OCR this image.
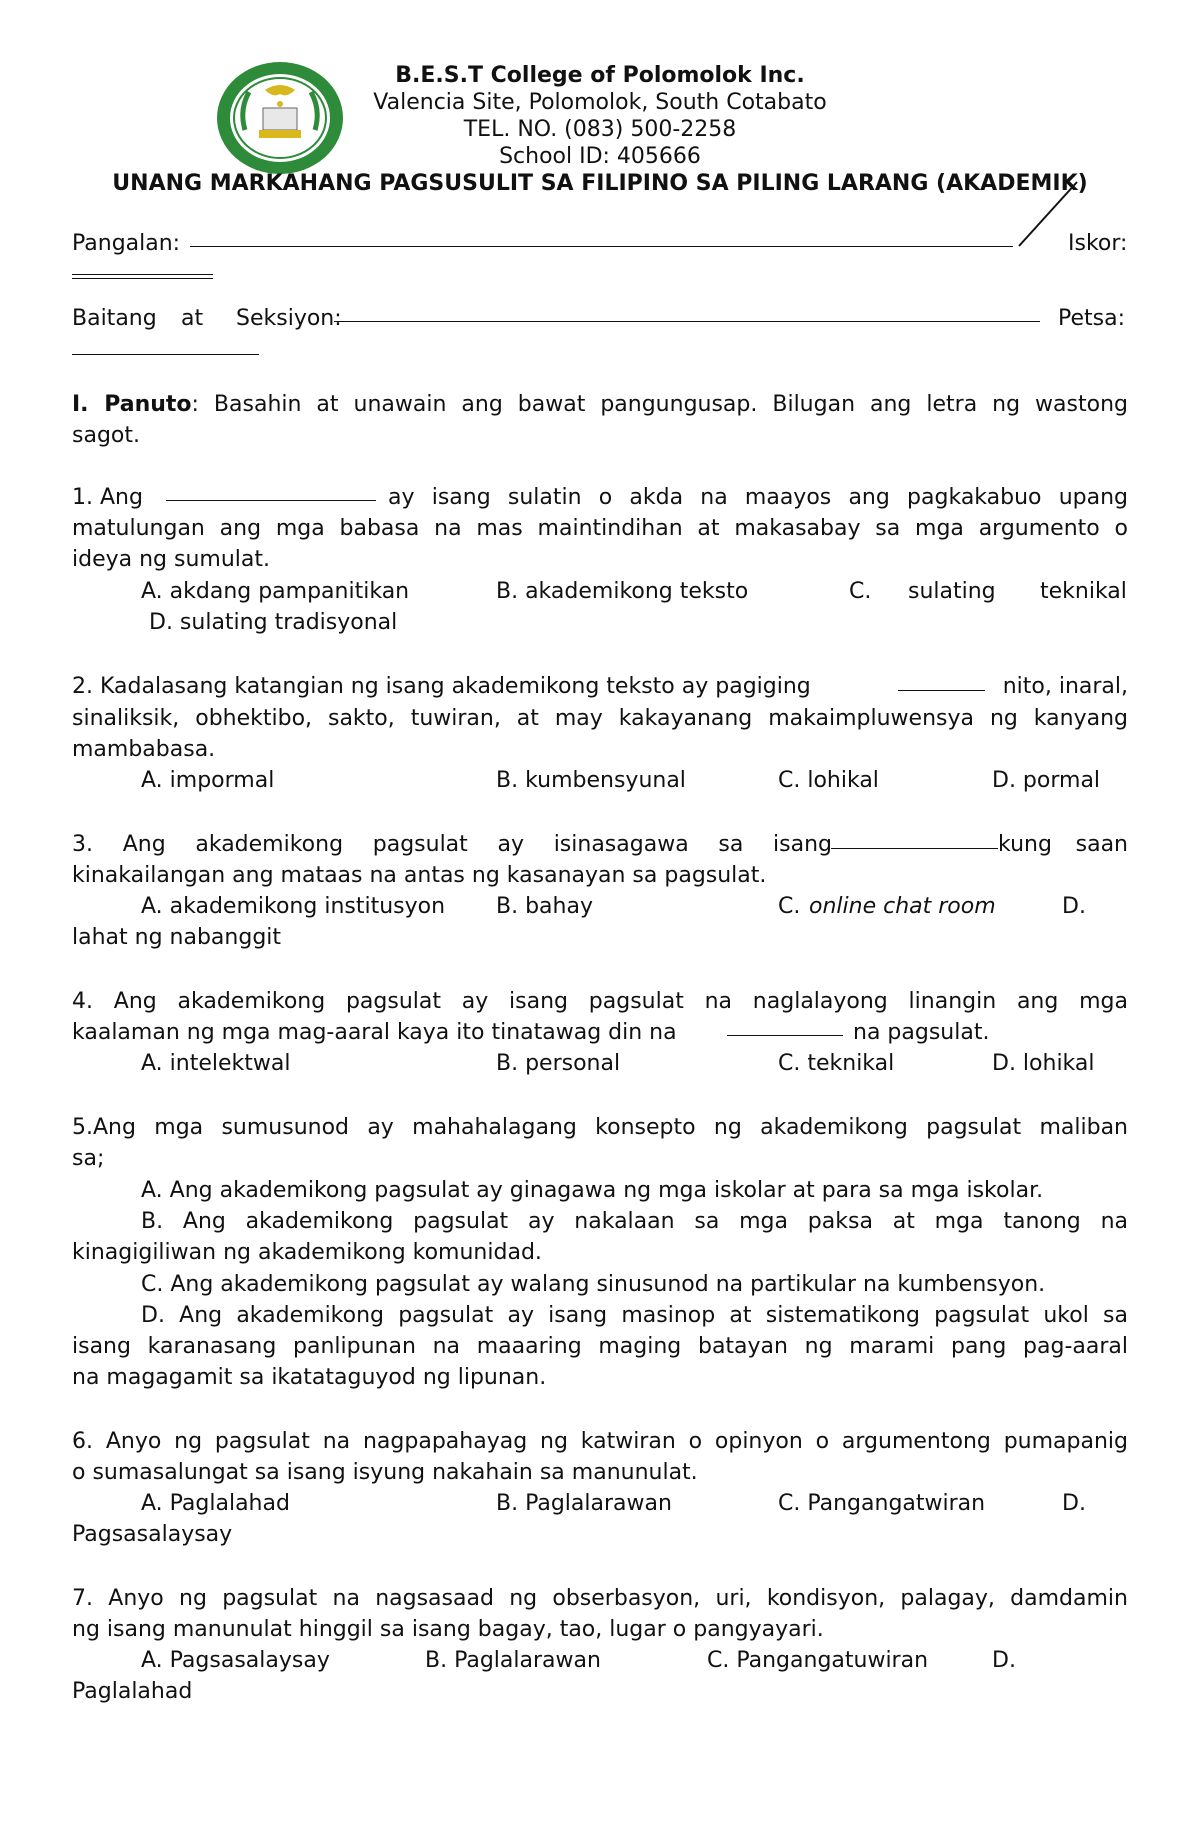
B.E.S.T College of Polomolok Inc.
Valencia Site, Polomolok, South Cotabato
TEL. NO. (083) 500-2258
School ID: 405666
UNANG MARKAHANG PAGSUSULIT SA FILIPINO SA PILING LARANG (AKADEMIK)
Pangalan:	Iskor:
Baitang at Seksiyon:	Petsa:
I. Panuto: Basahin at unawain ang bawat pangungusap. Bilugan ang letra ng wastong
sagot.
1. Ang	ay isang sulatin o akda na maayos ang pagkakabuo upang
matulungan ang mga babasa na mas maintindihan at makasabay sa mga argumento o
ideya ng sumulat.
A. akdang pampanitikan	B. akademikong teksto	C. sulating teknikal
D. sulating tradisyonal
2. Kadalasang katangian ng isang akademikong teksto ay pagiging	nito, inaral,
sinaliksik, obhektibo, sakto, tuwiran, at may kakayanang makaimpluwensya ng kanyang
mambabasa.
A. impormal	B. kumbensyunal	C. lohikal	D. pormal
3. Ang akademikong pagsulat ay isinasagawa sa isang	kung saan
kinakailangan ang mataas na antas ng kasanayan sa pagsulat.
A. akademikong institusyon B. bahay	C. online chat room	D.
lahat ng nabanggit
4. Ang akademikong pagsulat ay isang pagsulat na naglalayong linangin ang mga
kaalaman ng mga mag-aaral kaya ito tinatawag din na	na pagsulat.
A. intelektwal	B. personal	C. teknikal	D. lohikal
5.Ang mga sumusunod ay mahahalagang konsepto ng akademikong pagsulat maliban
sa;
A. Ang akademikong pagsulat ay ginagawa ng mga iskolar at para sa mga iskolar.
B. Ang akademikong pagsulat ay nakalaan sa mga paksa at mga tanong na
kinagigiliwan ng akademikong komunidad.
C. Ang akademikong pagsulat ay walang sinusunod na partikular na kumbensyon.
D. Ang akademikong pagsulat ay isang masinop at sistematikong pagsulat ukol sa
isang karanasang panlipunan na maaaring maging batayan ng marami pang pag-aaral
na magagamit sa ikatataguyod ng lipunan.
6. Anyo ng pagsulat na nagpapahayag ng katwiran o opinyon o argumentong pumapanig
o sumasalungat sa isang isyung nakahain sa manunulat.
A. Paglalahad	B. Paglalarawan	C. Pangangatwiran	D.
Pagsasalaysay
7. Anyo ng pagsulat na nagsasaad ng obserbasyon, uri, kondisyon, palagay, damdamin
ng isang manunulat hinggil sa isang bagay, tao, lugar o pangyayari.
A. Pagsasalaysay	B. Paglalarawan	C. Pangangatuwiran	D.
Paglalahad
